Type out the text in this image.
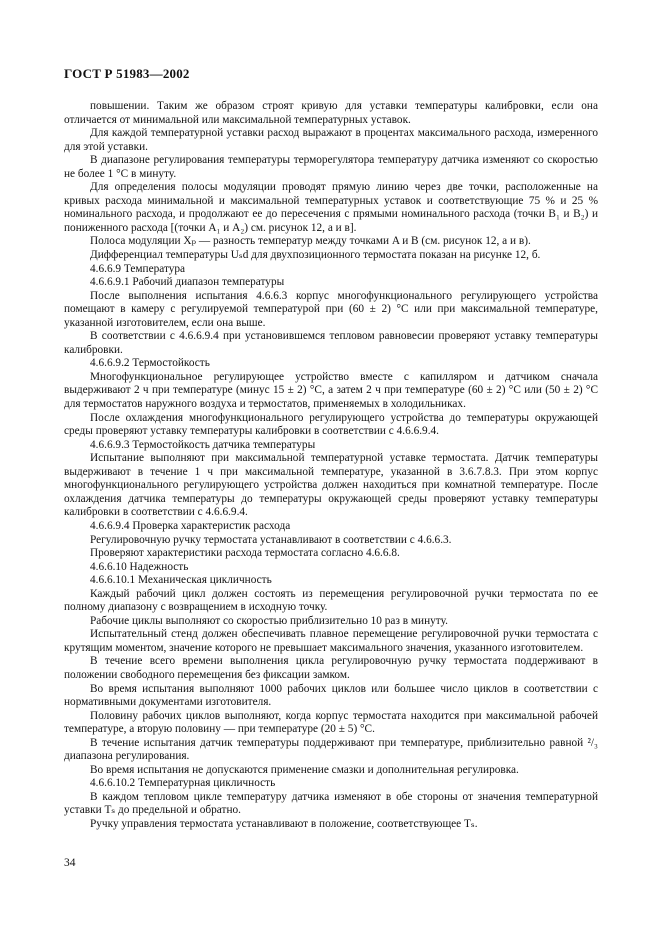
ГОСТ Р 51983—2002

повышении. Таким же образом строят кривую для уставки температуры калибровки, если она отличается от минимальной или максимальной температурных уставок.

Для каждой температурной уставки расход выражают в процентах максимального расхода, измеренного для этой уставки.

В диапазоне регулирования температуры терморегулятора температуру датчика изменяют со скоростью не более 1 °С в минуту.

Для определения полосы модуляции проводят прямую линию через две точки, расположенные на кривых расхода минимальной и максимальной температурных уставок и соответствующие 75 % и 25 % номинального расхода, и продолжают ее до пересечения с прямыми номинального расхода (точки B₁ и B₂) и пониженного расхода [(точки A₁ и A₂) см. рисунок 12, а и в].

Полоса модуляции Xₚ — разность температур между точками A и B (см. рисунок 12, а и в).

Дифференциал температуры Uₛd для двухпозиционного термостата показан на рисунке 12, б.

4.6.6.9 Температура

4.6.6.9.1 Рабочий диапазон температуры

После выполнения испытания 4.6.6.3 корпус многофункционального регулирующего устройства помещают в камеру с регулируемой температурой при (60 ± 2) °С или при максимальной температуре, указанной изготовителем, если она выше.

В соответствии с 4.6.6.9.4 при установившемся тепловом равновесии проверяют уставку температуры калибровки.

4.6.6.9.2 Термостойкость

Многофункциональное регулирующее устройство вместе с капилляром и датчиком сначала выдерживают 2 ч при температуре (минус 15 ± 2) °С, а затем 2 ч при температуре (60 ± 2) °С или (50 ± 2) °С для термостатов наружного воздуха и термостатов, применяемых в холодильниках.

После охлаждения многофункционального регулирующего устройства до температуры окружающей среды проверяют уставку температуры калибровки в соответствии с 4.6.6.9.4.

4.6.6.9.3 Термостойкость датчика температуры

Испытание выполняют при максимальной температурной уставке термостата. Датчик температуры выдерживают в течение 1 ч при максимальной температуре, указанной в 3.6.7.8.3. При этом корпус многофункционального регулирующего устройства должен находиться при комнатной температуре. После охлаждения датчика температуры до температуры окружающей среды проверяют уставку температуры калибровки в соответствии с 4.6.6.9.4.

4.6.6.9.4 Проверка характеристик расхода

Регулировочную ручку термостата устанавливают в соответствии с 4.6.6.3.

Проверяют характеристики расхода термостата согласно 4.6.6.8.

4.6.6.10 Надежность

4.6.6.10.1 Механическая цикличность

Каждый рабочий цикл должен состоять из перемещения регулировочной ручки термостата по ее полному диапазону с возвращением в исходную точку.

Рабочие циклы выполняют со скоростью приблизительно 10 раз в минуту.

Испытательный стенд должен обеспечивать плавное перемещение регулировочной ручки термостата с крутящим моментом, значение которого не превышает максимального значения, указанного изготовителем.

В течение всего времени выполнения цикла регулировочную ручку термостата поддерживают в положении свободного перемещения без фиксации замком.

Во время испытания выполняют 1000 рабочих циклов или большее число циклов в соответствии с нормативными документами изготовителя.

Половину рабочих циклов выполняют, когда корпус термостата находится при максимальной рабочей температуре, а вторую половину — при температуре (20 ± 5) °С.

В течение испытания датчик температуры поддерживают при температуре, приблизительно равной ²/₃ диапазона регулирования.

Во время испытания не допускаются применение смазки и дополнительная регулировка.

4.6.6.10.2 Температурная цикличность

В каждом тепловом цикле температуру датчика изменяют в обе стороны от значения температурной уставки Tₛ до предельной и обратно.

Ручку управления термостата устанавливают в положение, соответствующее Tₛ.

34
